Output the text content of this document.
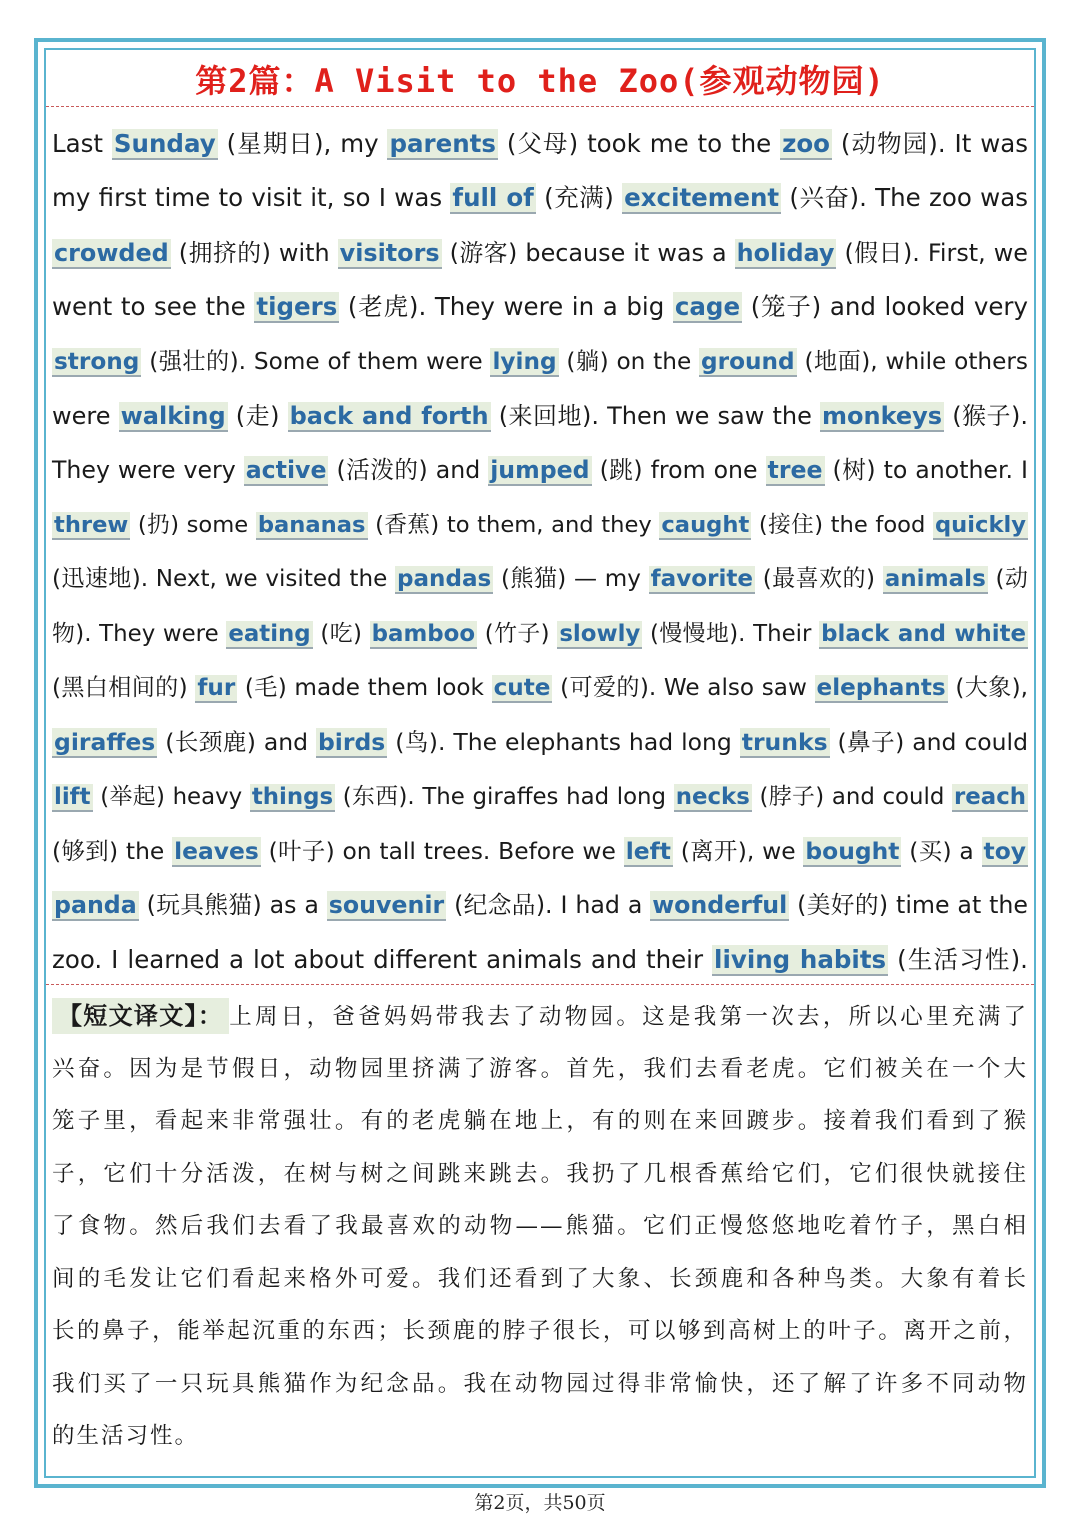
第2篇：A Visit to the Zoo(参观动物园)
Last Sunday (星期日), my parents (父母) took me to the zoo (动物园). It was
my first time to visit it, so I was full of (充满) excitement (兴奋). The zoo was
crowded (拥挤的) with visitors (游客) because it was a holiday (假日). First, we
went to see the tigers (老虎). They were in a big cage (笼子) and looked very
strong (强壮的). Some of them were lying (躺) on the ground (地面), while others
were walking (走) back and forth (来回地). Then we saw the monkeys (猴子).
They were very active (活泼的) and jumped (跳) from one tree (树) to another. I
threw (扔) some bananas (香蕉) to them, and they caught (接住) the food quickly
(迅速地). Next, we visited the pandas (熊猫) — my favorite (最喜欢的) animals (动
物). They were eating (吃) bamboo (竹子) slowly (慢慢地). Their black and white
(黑白相间的) fur (毛) made them look cute (可爱的). We also saw elephants (大象),
giraffes (长颈鹿) and birds (鸟). The elephants had long trunks (鼻子) and could
lift (举起) heavy things (东西). The giraffes had long necks (脖子) and could reach
(够到) the leaves (叶子) on tall trees. Before we left (离开), we bought (买) a toy
panda (玩具熊猫) as a souvenir (纪念品). I had a wonderful (美好的) time at the
zoo. I learned a lot about different animals and their living habits (生活习性).
【短文译文】： 上周日，爸爸妈妈带我去了动物园。这是我第一次去，所以心里充满了
兴奋。因为是节假日，动物园里挤满了游客。首先，我们去看老虎。它们被关在一个大
笼子里，看起来非常强壮。有的老虎躺在地上，有的则在来回踱步。接着我们看到了猴
子，它们十分活泼，在树与树之间跳来跳去。我扔了几根香蕉给它们，它们很快就接住
了食物。然后我们去看了我最喜欢的动物——熊猫。它们正慢悠悠地吃着竹子，黑白相
间的毛发让它们看起来格外可爱。我们还看到了大象、长颈鹿和各种鸟类。大象有着长
长的鼻子，能举起沉重的东西；长颈鹿的脖子很长，可以够到高树上的叶子。离开之前，
我们买了一只玩具熊猫作为纪念品。我在动物园过得非常愉快，还了解了许多不同动物
的生活习性。
第2页，共50页
